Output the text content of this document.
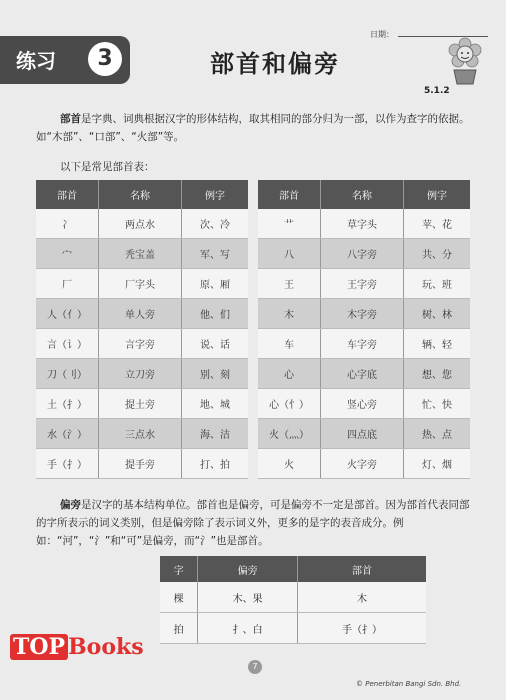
日期：
练习	3	部首和偏旁
5.1.2
部首是字典、词典根据汉字的形体结构，取其相同的部分归为一部，以作为查字的依据。如“木部”、“口部”、“火部”等。
以下是常见部首表：
部首	名称	例字
冫	两点水	次、冷
宀	秃宝盖	军、写
厂	厂字头	原、厢
人（亻）	单人旁	他、们
言（讠）	言字旁	说、话
刀（刂）	立刀旁	别、刻
土（扌）	提土旁	地、城
水（氵）	三点水	海、洁
手（扌）	提手旁	打、拍
部首	名称	例字
艹	草字头	苹、花
八	八字旁	共、分
王	王字旁	玩、班
木	木字旁	树、林
车	车字旁	辆、轻
心	心字底	想、您
心（忄）	竖心旁	忙、快
火（灬）	四点底	热、点
火	火字旁	灯、烟
偏旁是汉字的基本结构单位。部首也是偏旁，可是偏旁不一定是部首。因为部首代表同部的字所表示的词义类别，但是偏旁除了表示词义外，更多的是字的表音成分。例如：“河”，“氵”和“可”是偏旁，而“氵”也是部首。
字	偏旁	部首
棵	木、果	木
拍	扌、白	手（扌）
TOP Books
7
© Penerbitan Bangi Sdn. Bhd.
